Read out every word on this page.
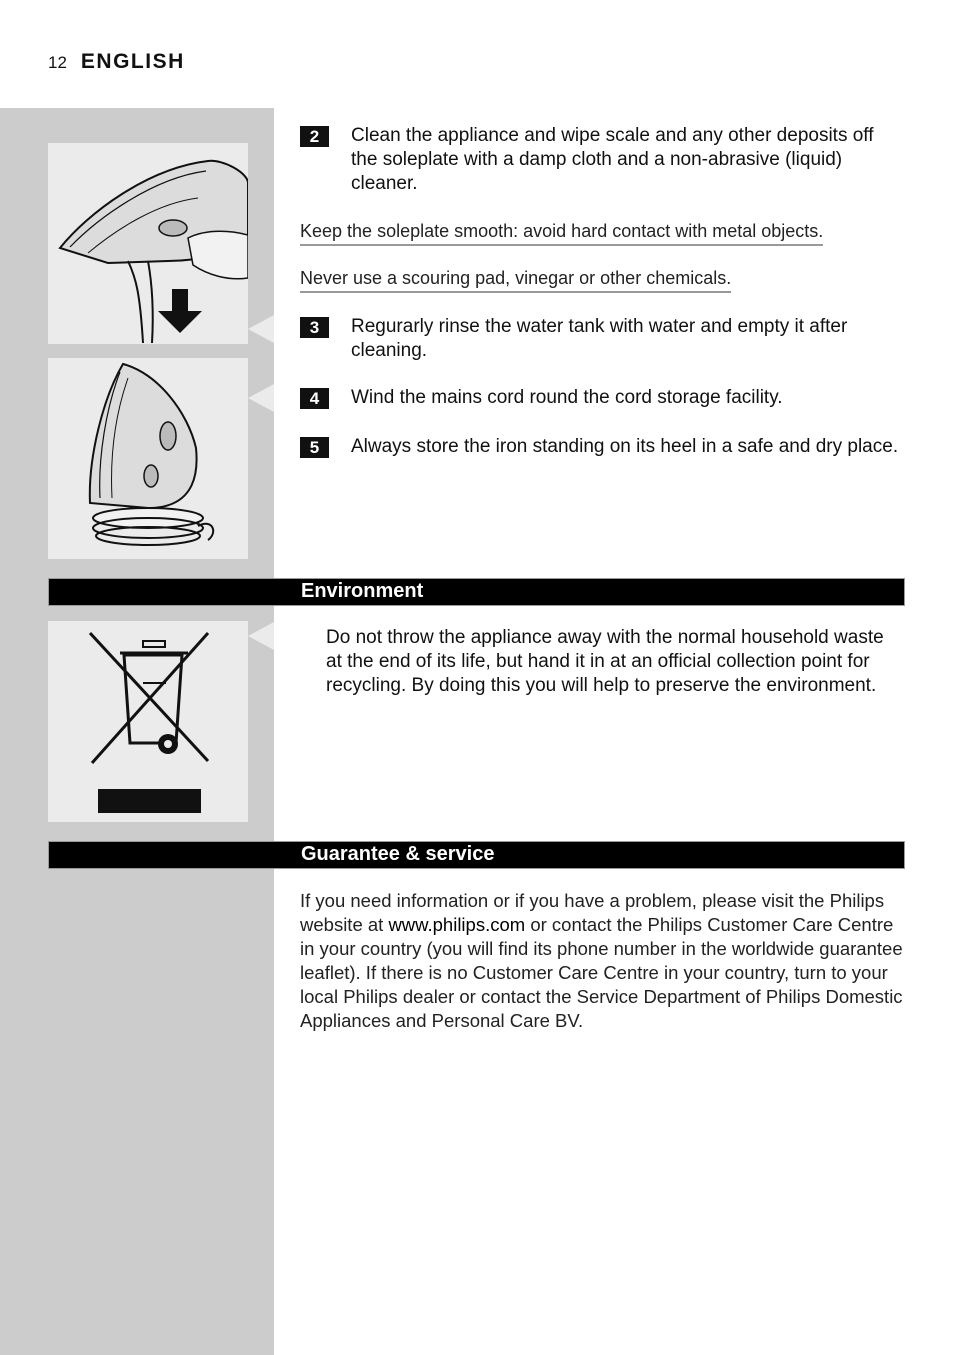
12 ENGLISH
2	Clean the appliance and wipe scale and any other deposits off the soleplate with a damp cloth and a non-abrasive (liquid) cleaner.
Keep the soleplate smooth: avoid hard contact with metal objects.
Never use a scouring pad, vinegar or other chemicals.
3	Regurarly rinse the water tank with water and empty it after cleaning.
4	Wind the mains cord round the cord storage facility.
5	Always store the iron standing on its heel in a safe and dry place.
Environment
Do not throw the appliance away with the normal household waste at the end of its life, but hand it in at an official collection point for recycling. By doing this you will help to preserve the environment.
Guarantee & service
If you need information or if you have a problem, please visit the Philips website at www.philips.com or contact the Philips Customer Care Centre in your country (you will find its phone number in the worldwide guarantee leaflet). If there is no Customer Care Centre in your country, turn to your local Philips dealer or contact the Service Department of Philips Domestic Appliances and Personal Care BV.
